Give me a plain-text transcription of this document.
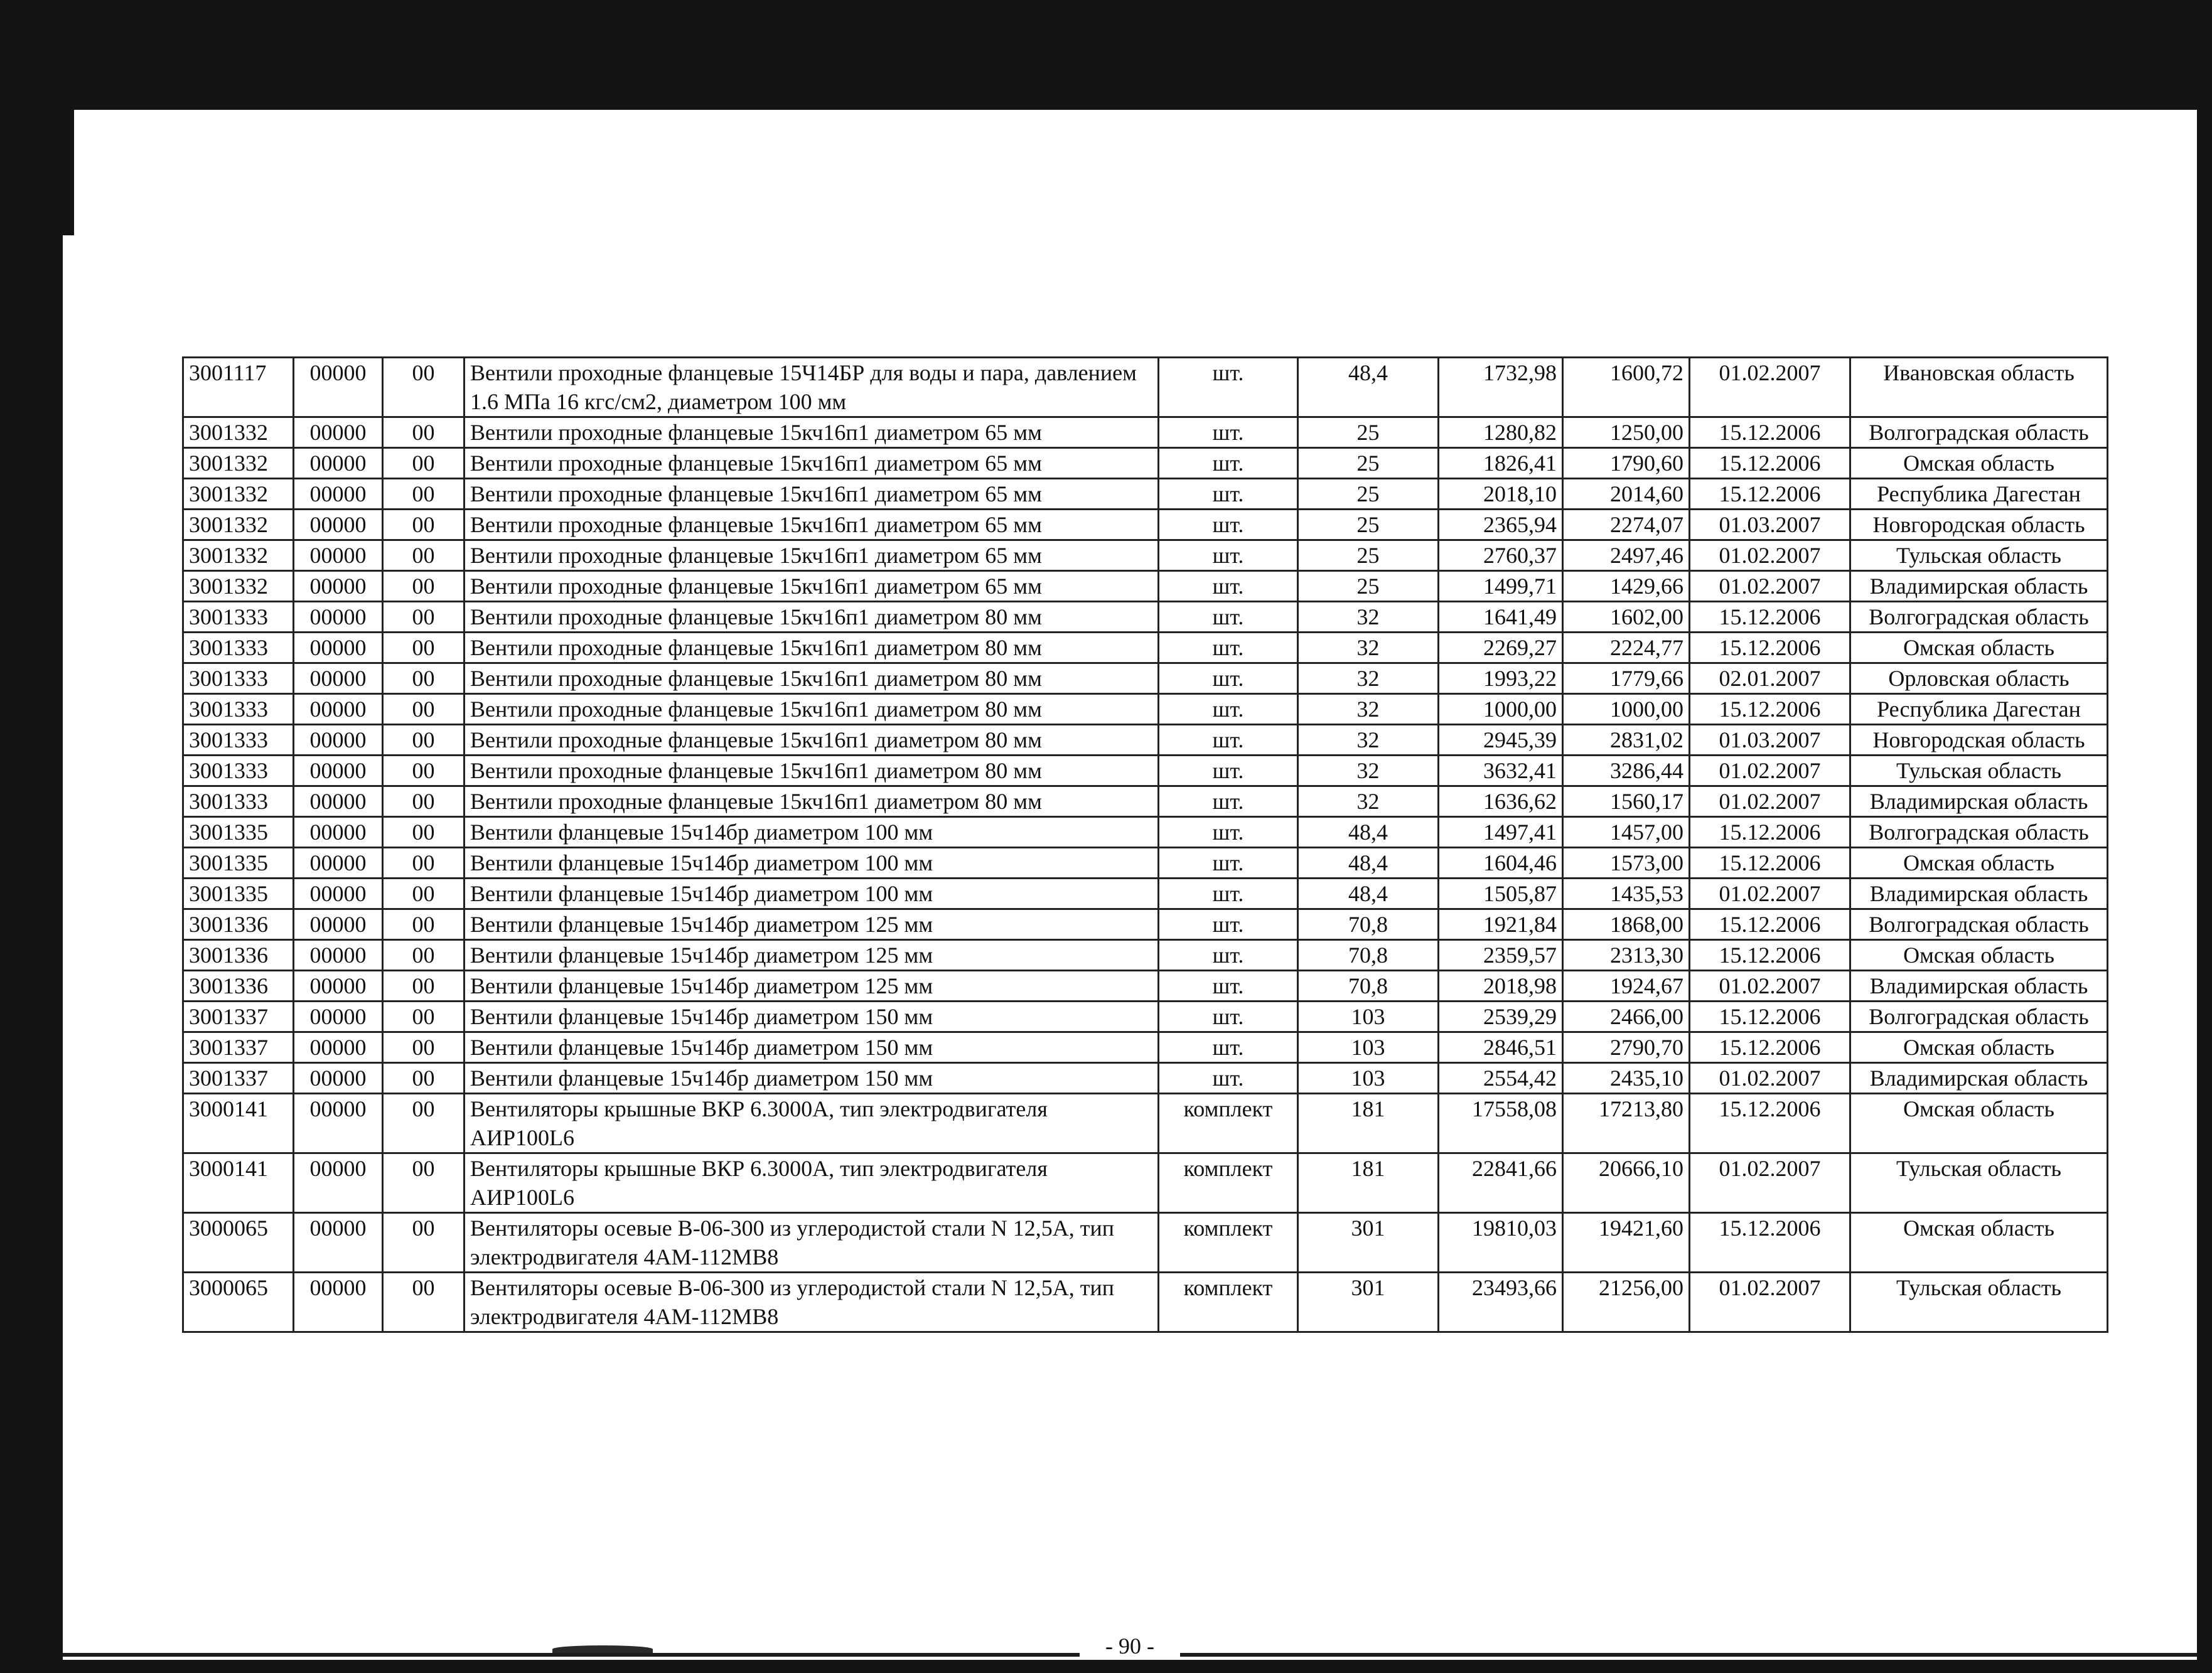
3001117	00000	00	Вентили проходные фланцевые 15Ч14БР для воды и пара, давлением 1.6 МПа 16 кгс/см2, диаметром 100 мм	шт.	48,4	1732,98	1600,72	01.02.2007	Ивановская область
3001332	00000	00	Вентили проходные фланцевые 15кч16п1 диаметром 65 мм	шт.	25	1280,82	1250,00	15.12.2006	Волгоградская область
3001332	00000	00	Вентили проходные фланцевые 15кч16п1 диаметром 65 мм	шт.	25	1826,41	1790,60	15.12.2006	Омская область
3001332	00000	00	Вентили проходные фланцевые 15кч16п1 диаметром 65 мм	шт.	25	2018,10	2014,60	15.12.2006	Республика Дагестан
3001332	00000	00	Вентили проходные фланцевые 15кч16п1 диаметром 65 мм	шт.	25	2365,94	2274,07	01.03.2007	Новгородская область
3001332	00000	00	Вентили проходные фланцевые 15кч16п1 диаметром 65 мм	шт.	25	2760,37	2497,46	01.02.2007	Тульская область
3001332	00000	00	Вентили проходные фланцевые 15кч16п1 диаметром 65 мм	шт.	25	1499,71	1429,66	01.02.2007	Владимирская область
3001333	00000	00	Вентили проходные фланцевые 15кч16п1 диаметром 80 мм	шт.	32	1641,49	1602,00	15.12.2006	Волгоградская область
3001333	00000	00	Вентили проходные фланцевые 15кч16п1 диаметром 80 мм	шт.	32	2269,27	2224,77	15.12.2006	Омская область
3001333	00000	00	Вентили проходные фланцевые 15кч16п1 диаметром 80 мм	шт.	32	1993,22	1779,66	02.01.2007	Орловская область
3001333	00000	00	Вентили проходные фланцевые 15кч16п1 диаметром 80 мм	шт.	32	1000,00	1000,00	15.12.2006	Республика Дагестан
3001333	00000	00	Вентили проходные фланцевые 15кч16п1 диаметром 80 мм	шт.	32	2945,39	2831,02	01.03.2007	Новгородская область
3001333	00000	00	Вентили проходные фланцевые 15кч16п1 диаметром 80 мм	шт.	32	3632,41	3286,44	01.02.2007	Тульская область
3001333	00000	00	Вентили проходные фланцевые 15кч16п1 диаметром 80 мм	шт.	32	1636,62	1560,17	01.02.2007	Владимирская область
3001335	00000	00	Вентили фланцевые 15ч14бр диаметром 100 мм	шт.	48,4	1497,41	1457,00	15.12.2006	Волгоградская область
3001335	00000	00	Вентили фланцевые 15ч14бр диаметром 100 мм	шт.	48,4	1604,46	1573,00	15.12.2006	Омская область
3001335	00000	00	Вентили фланцевые 15ч14бр диаметром 100 мм	шт.	48,4	1505,87	1435,53	01.02.2007	Владимирская область
3001336	00000	00	Вентили фланцевые 15ч14бр диаметром 125 мм	шт.	70,8	1921,84	1868,00	15.12.2006	Волгоградская область
3001336	00000	00	Вентили фланцевые 15ч14бр диаметром 125 мм	шт.	70,8	2359,57	2313,30	15.12.2006	Омская область
3001336	00000	00	Вентили фланцевые 15ч14бр диаметром 125 мм	шт.	70,8	2018,98	1924,67	01.02.2007	Владимирская область
3001337	00000	00	Вентили фланцевые 15ч14бр диаметром 150 мм	шт.	103	2539,29	2466,00	15.12.2006	Волгоградская область
3001337	00000	00	Вентили фланцевые 15ч14бр диаметром 150 мм	шт.	103	2846,51	2790,70	15.12.2006	Омская область
3001337	00000	00	Вентили фланцевые 15ч14бр диаметром 150 мм	шт.	103	2554,42	2435,10	01.02.2007	Владимирская область
3000141	00000	00	Вентиляторы крышные ВКР 6.3000А, тип электродвигателя АИР100L6	комплект	181	17558,08	17213,80	15.12.2006	Омская область
3000141	00000	00	Вентиляторы крышные ВКР 6.3000А, тип электродвигателя АИР100L6	комплект	181	22841,66	20666,10	01.02.2007	Тульская область
3000065	00000	00	Вентиляторы осевые В-06-300 из углеродистой стали N 12,5А, тип электродвигателя 4АМ-112МВ8	комплект	301	19810,03	19421,60	15.12.2006	Омская область
3000065	00000	00	Вентиляторы осевые В-06-300 из углеродистой стали N 12,5А, тип электродвигателя 4АМ-112МВ8	комплект	301	23493,66	21256,00	01.02.2007	Тульская область
- 90 -
